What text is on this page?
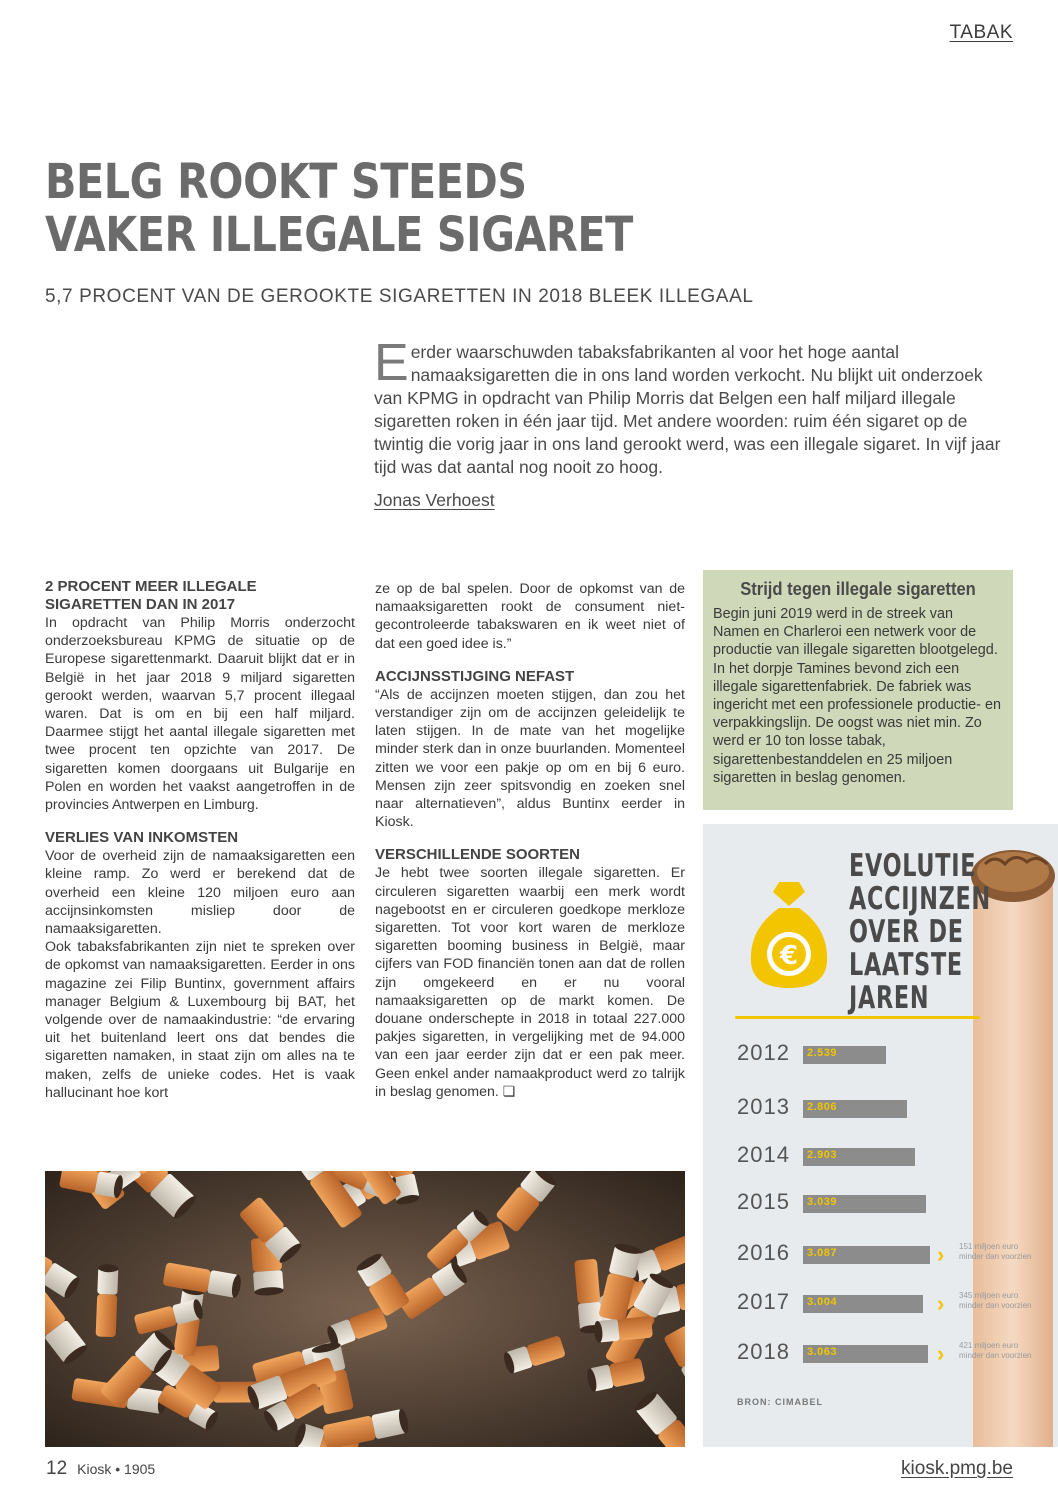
TABAK
BELG ROOKT STEEDS
VAKER ILLEGALE SIGARET
5,7 PROCENT VAN DE GEROOKTE SIGARETTEN IN 2018 BLEEK ILLEGAAL
Eerder waarschuwden tabaksfabrikanten al voor het hoge aantal namaaksigaretten die in ons land worden verkocht. Nu blijkt uit onderzoek van KPMG in opdracht van Philip Morris dat Belgen een half miljard illegale sigaretten roken in één jaar tijd. Met andere woorden: ruim één sigaret op de twintig die vorig jaar in ons land gerookt werd, was een illegale sigaret. In vijf jaar tijd was dat aantal nog nooit zo hoog.
Jonas Verhoest
2 PROCENT MEER ILLEGALE SIGARETTEN DAN IN 2017

In opdracht van Philip Morris onderzocht onderzoeksbureau KPMG de situatie op de Europese sigarettenmarkt. Daaruit blijkt dat er in België in het jaar 2018 9 miljard sigaretten gerookt werden, waarvan 5,7 procent illegaal waren. Dat is om en bij een half miljard. Daarmee stijgt het aantal illegale sigaretten met twee procent ten opzichte van 2017. De sigaretten komen doorgaans uit Bulgarije en Polen en worden het vaakst aangetroffen in de provincies Antwerpen en Limburg.

VERLIES VAN INKOMSTEN

Voor de overheid zijn de namaaksigaretten een kleine ramp. Zo werd er berekend dat de overheid een kleine 120 miljoen euro aan accijnsinkomsten misliep door de namaaksigaretten.

Ook tabaksfabrikanten zijn niet te spreken over de opkomst van namaaksigaretten. Eerder in ons magazine zei Filip Buntinx, government affairs manager Belgium & Luxembourg bij BAT, het volgende over de namaakindustrie: “de ervaring uit het buitenland leert ons dat bendes die sigaretten namaken, in staat zijn om alles na te maken, zelfs de unieke codes. Het is vaak hallucinant hoe kort

ze op de bal spelen. Door de opkomst van de namaaksigaretten rookt de consument niet-gecontroleerde tabakswaren en ik weet niet of dat een goed idee is.”

ACCIJNSSTIJGING NEFAST

“Als de accijnzen moeten stijgen, dan zou het verstandiger zijn om de accijnzen geleidelijk te laten stijgen. In de mate van het mogelijke minder sterk dan in onze buurlanden. Momenteel zitten we voor een pakje op om en bij 6 euro. Mensen zijn zeer spitsvondig en zoeken snel naar alternatieven”, aldus Buntinx eerder in Kiosk.

VERSCHILLENDE SOORTEN

Je hebt twee soorten illegale sigaretten. Er circuleren sigaretten waarbij een merk wordt nagebootst en er circuleren goedkope merkloze sigaretten. Tot voor kort waren de merkloze sigaretten booming business in België, maar cijfers van FOD financiën tonen aan dat de rollen zijn omgekeerd en er nu vooral namaaksigaretten op de markt komen. De douane onderschepte in 2018 in totaal 227.000 pakjes sigaretten, in vergelijking met de 94.000 van een jaar eerder zijn dat er een pak meer. Geen enkel ander namaakproduct werd zo talrijk in beslag genomen. ❏

Strijd tegen illegale sigaretten

Begin juni 2019 werd in de streek van Namen en Charleroi een netwerk voor de productie van illegale sigaretten blootgelegd. In het dorpje Tamines bevond zich een illegale sigarettenfabriek. De fabriek was ingericht met een professionele productie- en verpakkingslijn. De oogst was niet min. Zo werd er 10 ton losse tabak, sigarettenbestanddelen en 25 miljoen sigaretten in beslag genomen.

€
EVOLUTIE
ACCIJNZEN
OVER DE
LAATSTE
JAREN
2012 2.539
2013 2.806
2014 2.903
2015 3.039
2016 3.087
2017 3.004
2018 3.063
› 151 miljoen euro
minder dan voorzien
› 345 miljoen euro
minder dan voorzien
› 421 miljoen euro
minder dan voorzien
BRON: CIMABEL
12 Kiosk • 1905	kiosk.pmg.be
